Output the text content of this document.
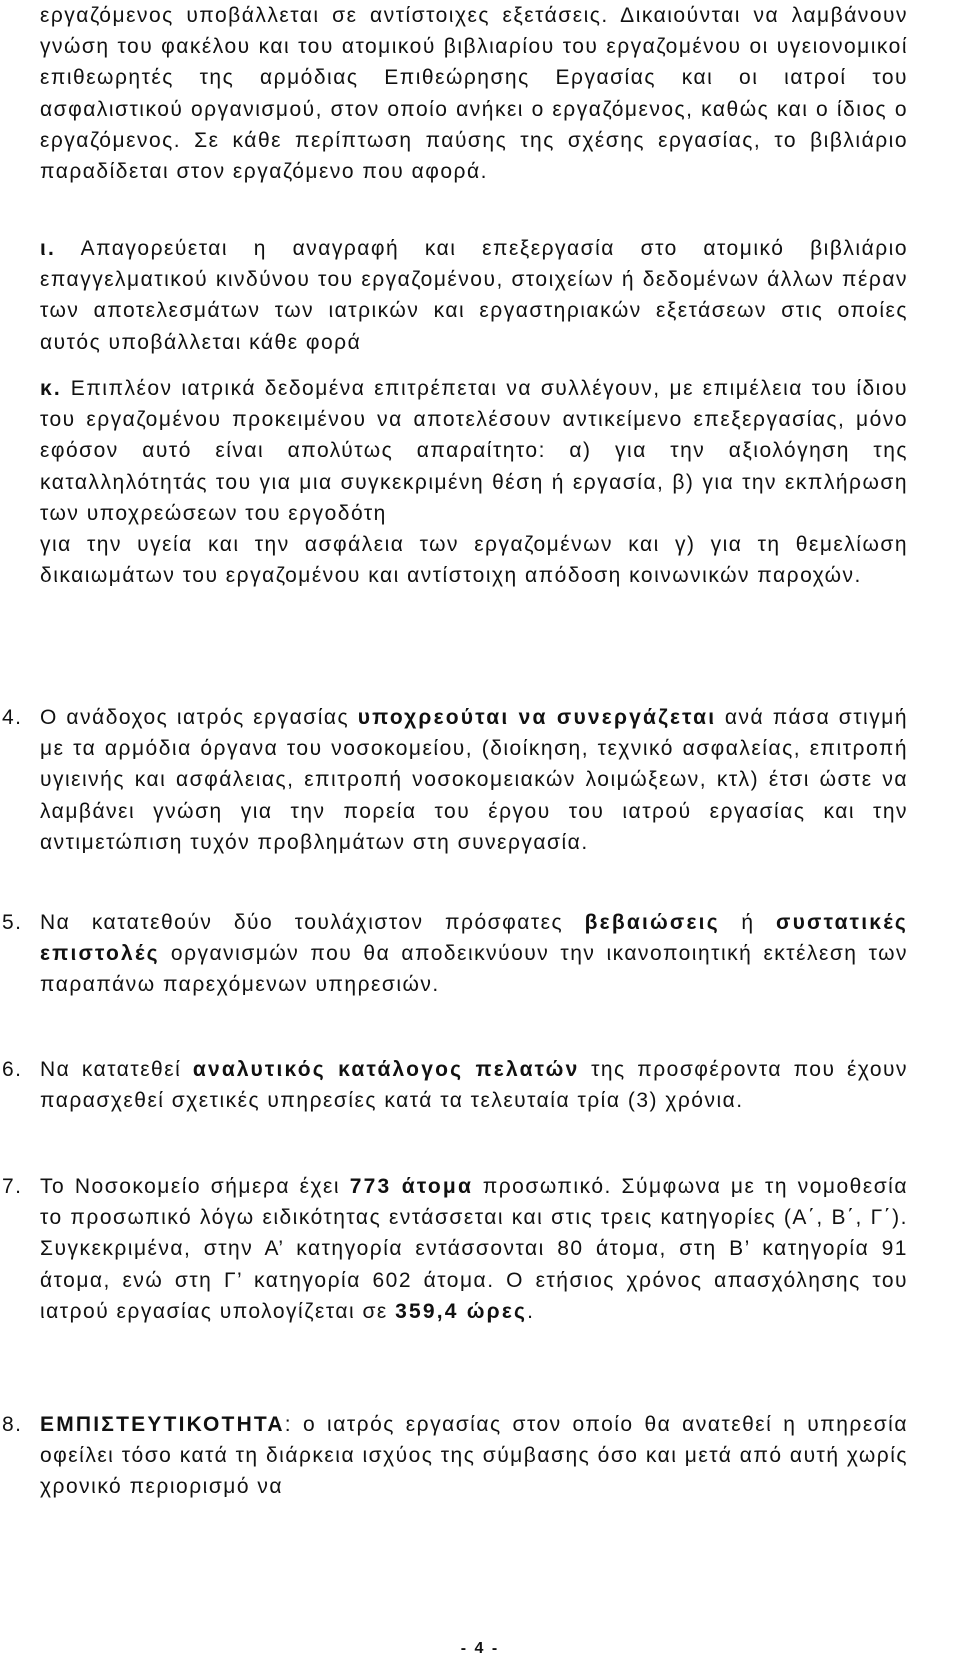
εργαζόμενος υποβάλλεται σε αντίστοιχες εξετάσεις. Δικαιούνται να λαμβάνουν γνώση του φακέλου και του ατομικού βιβλιαρίου του εργαζομένου οι υγειονομικοί επιθεωρητές της αρμόδιας Επιθεώρησης Εργασίας και οι ιατροί του ασφαλιστικού οργανισμού, στον οποίο ανήκει ο εργαζόμενος, καθώς και ο ίδιος ο εργαζόμενος. Σε κάθε περίπτωση παύσης της σχέσης εργασίας, το βιβλιάριο παραδίδεται στον εργαζόμενο που αφορά.

ι. Απαγορεύεται η αναγραφή και επεξεργασία στο ατομικό βιβλιάριο επαγγελματικού κινδύνου του εργαζομένου, στοιχείων ή δεδομένων άλλων πέραν των αποτελεσμάτων των ιατρικών και εργαστηριακών εξετάσεων στις οποίες αυτός υποβάλλεται κάθε φορά

κ. Επιπλέον ιατρικά δεδομένα επιτρέπεται να συλλέγουν, με επιμέλεια του ίδιου του εργαζομένου προκειμένου να αποτελέσουν αντικείμενο επεξεργασίας, μόνο εφόσον αυτό είναι απολύτως απαραίτητο: α) για την αξιολόγηση της καταλληλότητάς του για μια συγκεκριμένη θέση ή εργασία, β) για την εκπλήρωση των υποχρεώσεων του εργοδότη

για την υγεία και την ασφάλεια των εργαζομένων και γ) για τη θεμελίωση δικαιωμάτων του εργαζομένου και αντίστοιχη απόδοση κοινωνικών παροχών.

4. Ο ανάδοχος ιατρός εργασίας υποχρεούται να συνεργάζεται ανά πάσα στιγμή με τα αρμόδια όργανα του νοσοκομείου, (διοίκηση, τεχνικό ασφαλείας, επιτροπή υγιεινής και ασφάλειας, επιτροπή νοσοκομειακών λοιμώξεων, κτλ) έτσι ώστε να λαμβάνει γνώση για την πορεία του έργου του ιατρού εργασίας και την αντιμετώπιση τυχόν προβλημάτων στη συνεργασία.
5. Να κατατεθούν δύο τουλάχιστον πρόσφατες βεβαιώσεις ή συστατικές επιστολές οργανισμών που θα αποδεικνύουν την ικανοποιητική εκτέλεση των παραπάνω παρεχόμενων υπηρεσιών.
6. Να κατατεθεί αναλυτικός κατάλογος πελατών της προσφέροντα που έχουν παρασχεθεί σχετικές υπηρεσίες κατά τα τελευταία τρία (3) χρόνια.
7. Το Νοσοκομείο σήμερα έχει 773 άτομα προσωπικό. Σύμφωνα με τη νομοθεσία το προσωπικό λόγω ειδικότητας εντάσσεται και στις τρεις κατηγορίες (Α΄, Β΄, Γ΄). Συγκεκριμένα, στην Α’ κατηγορία εντάσσονται 80 άτομα, στη Β’ κατηγορία 91 άτομα, ενώ στη Γ’ κατηγορία 602 άτομα. Ο ετήσιος χρόνος απασχόλησης του ιατρού εργασίας υπολογίζεται σε 359,4 ώρες.
8. ΕΜΠΙΣΤΕΥΤΙΚΟΤΗΤΑ: ο ιατρός εργασίας στον οποίο θα ανατεθεί η υπηρεσία οφείλει τόσο κατά τη διάρκεια ισχύος της σύμβασης όσο και μετά από αυτή χωρίς χρονικό περιορισμό να
- 4 -
